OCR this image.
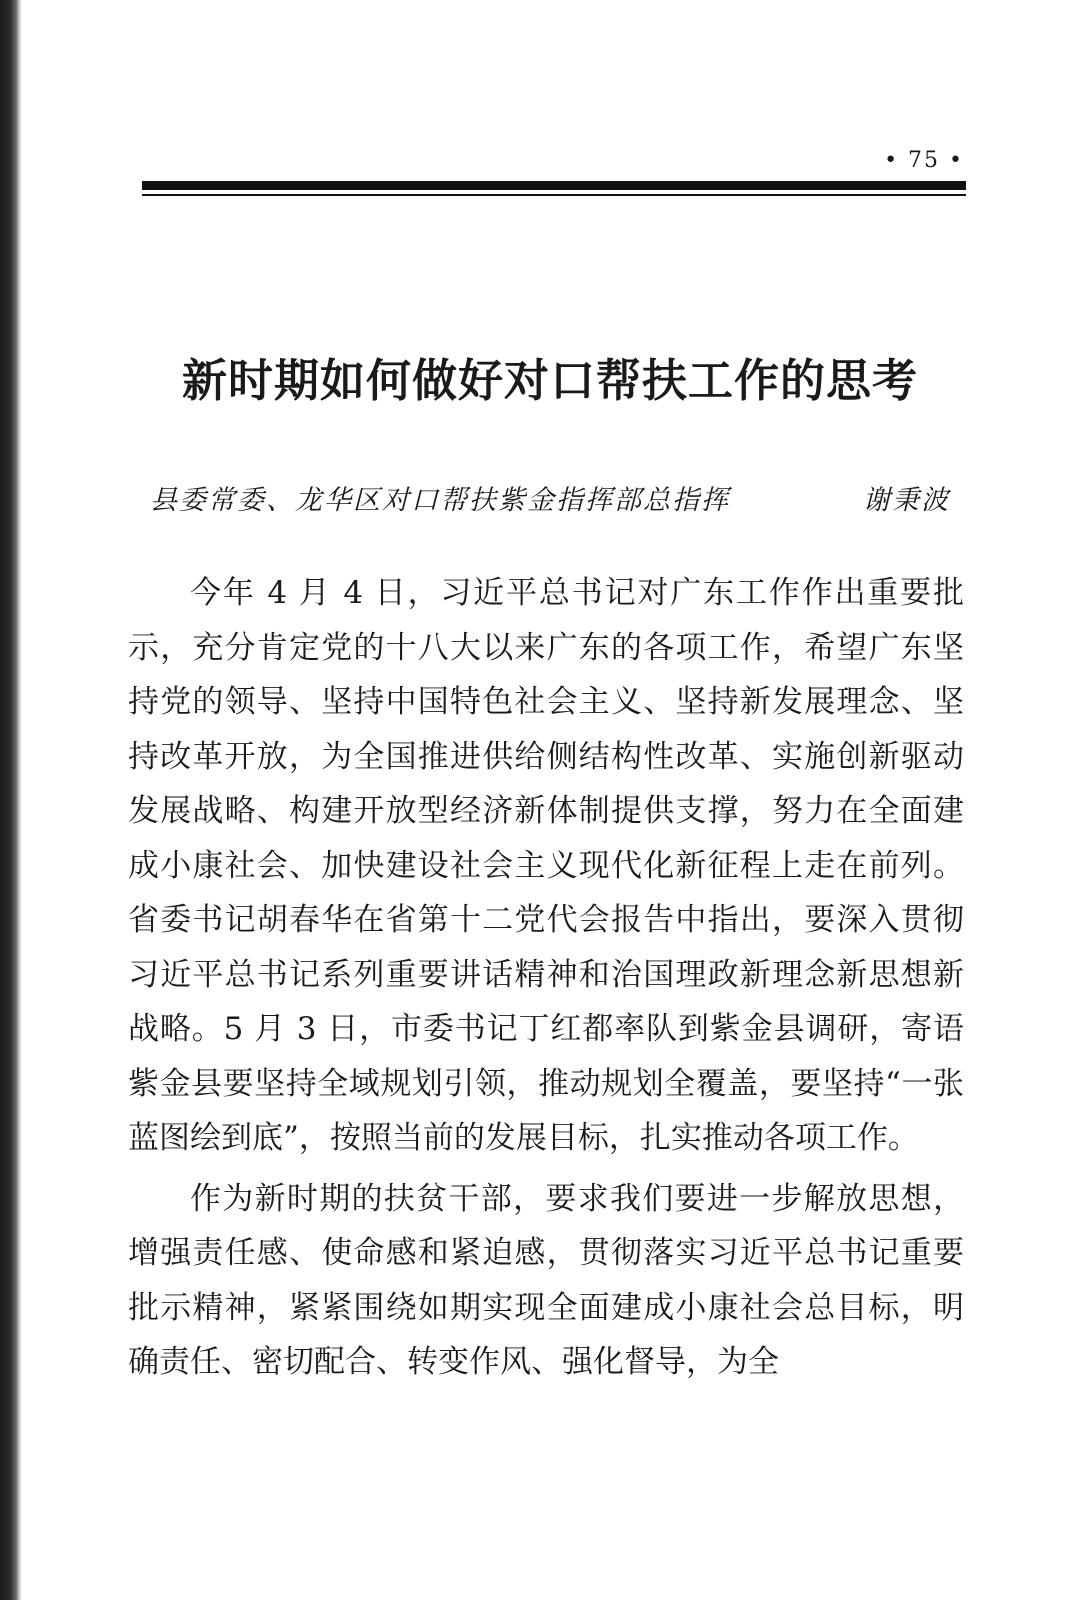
• 75 •
新时期如何做好对口帮扶工作的思考
县委常委、龙华区对口帮扶紫金指挥部总指挥	谢秉波

今年 4 月 4 日，习近平总书记对广东工作作出重要批示，充分肯定党的十八大以来广东的各项工作，希望广东坚持党的领导、坚持中国特色社会主义、坚持新发展理念、坚持改革开放，为全国推进供给侧结构性改革、实施创新驱动发展战略、构建开放型经济新体制提供支撑，努力在全面建成小康社会、加快建设社会主义现代化新征程上走在前列。省委书记胡春华在省第十二党代会报告中指出，要深入贯彻习近平总书记系列重要讲话精神和治国理政新理念新思想新战略。5 月 3 日，市委书记丁红都率队到紫金县调研，寄语紫金县要坚持全域规划引领，推动规划全覆盖，要坚持“一张蓝图绘到底”，按照当前的发展目标，扎实推动各项工作。

作为新时期的扶贫干部，要求我们要进一步解放思想，增强责任感、使命感和紧迫感，贯彻落实习近平总书记重要批示精神，紧紧围绕如期实现全面建成小康社会总目标，明确责任、密切配合、转变作风、强化督导，为全
